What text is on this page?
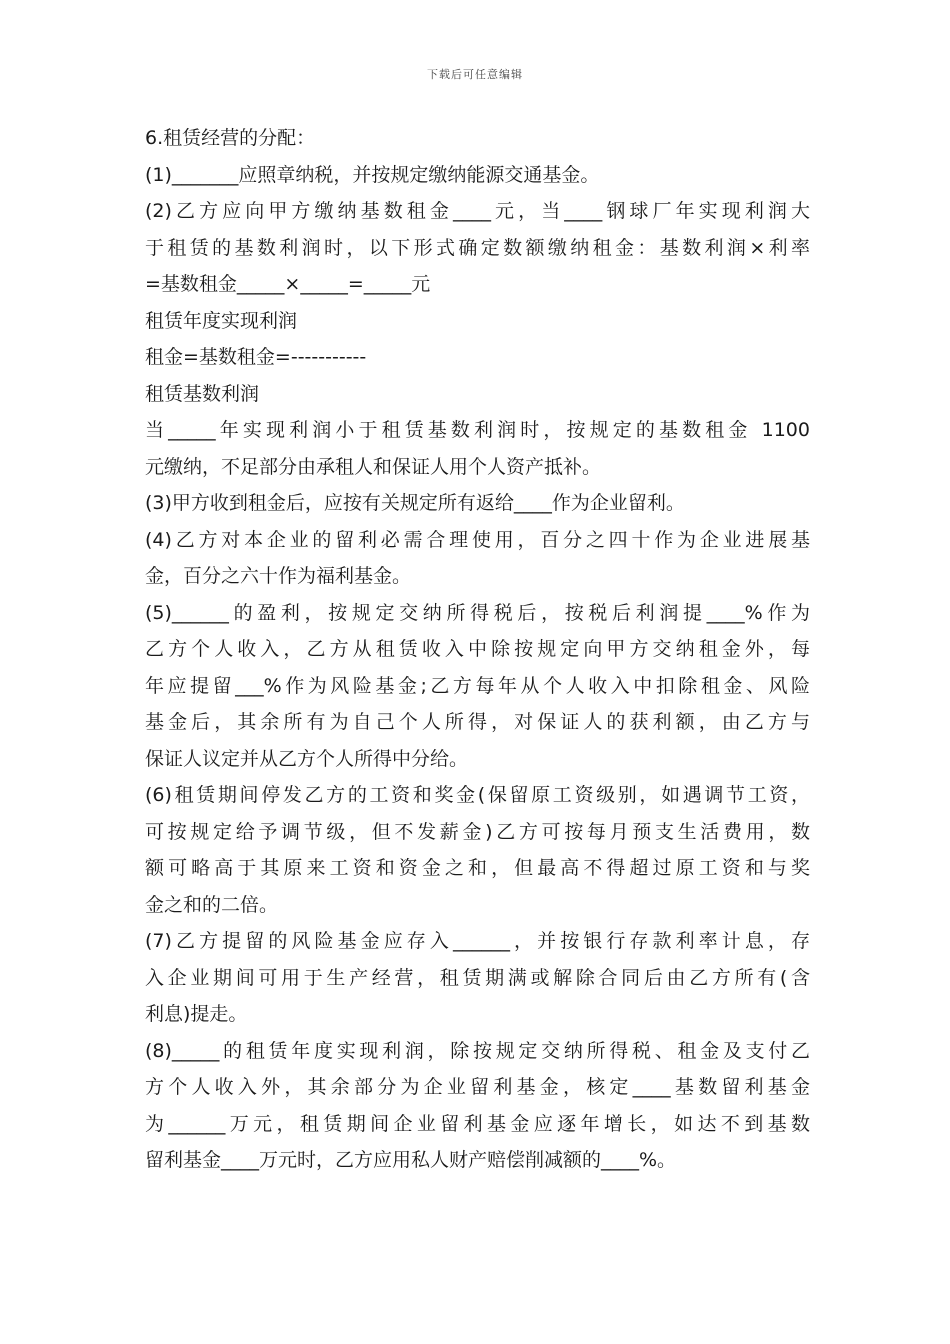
下载后可任意编辑
6.租赁经营的分配：
(1)_______应照章纳税，并按规定缴纳能源交通基金。
(2)乙方应向甲方缴纳基数租金____元，当____钢球厂年实现利润大
于租赁的基数利润时，以下形式确定数额缴纳租金：基数利润×利率
=基数租金_____×_____=_____元
租赁年度实现利润
租金=基数租金=-----------
租赁基数利润
当_____年实现利润小于租赁基数利润时，按规定的基数租金 1100
元缴纳，不足部分由承租人和保证人用个人资产抵补。
(3)甲方收到租金后，应按有关规定所有返给____作为企业留利。
(4)乙方对本企业的留利必需合理使用，百分之四十作为企业进展基
金，百分之六十作为福利基金。
(5)______的盈利，按规定交纳所得税后，按税后利润提____%作为
乙方个人收入，乙方从租赁收入中除按规定向甲方交纳租金外，每
年应提留___%作为风险基金;乙方每年从个人收入中扣除租金、风险
基金后，其余所有为自己个人所得，对保证人的获利额，由乙方与
保证人议定并从乙方个人所得中分给。
(6)租赁期间停发乙方的工资和奖金(保留原工资级别，如遇调节工资，
可按规定给予调节级，但不发薪金)乙方可按每月预支生活费用，数
额可略高于其原来工资和资金之和，但最高不得超过原工资和与奖
金之和的二倍。
(7)乙方提留的风险基金应存入______，并按银行存款利率计息，存
入企业期间可用于生产经营，租赁期满或解除合同后由乙方所有(含
利息)提走。
(8)_____的租赁年度实现利润，除按规定交纳所得税、租金及支付乙
方个人收入外，其余部分为企业留利基金，核定____基数留利基金
为______万元，租赁期间企业留利基金应逐年增长，如达不到基数
留利基金____万元时，乙方应用私人财产赔偿削减额的____%。
